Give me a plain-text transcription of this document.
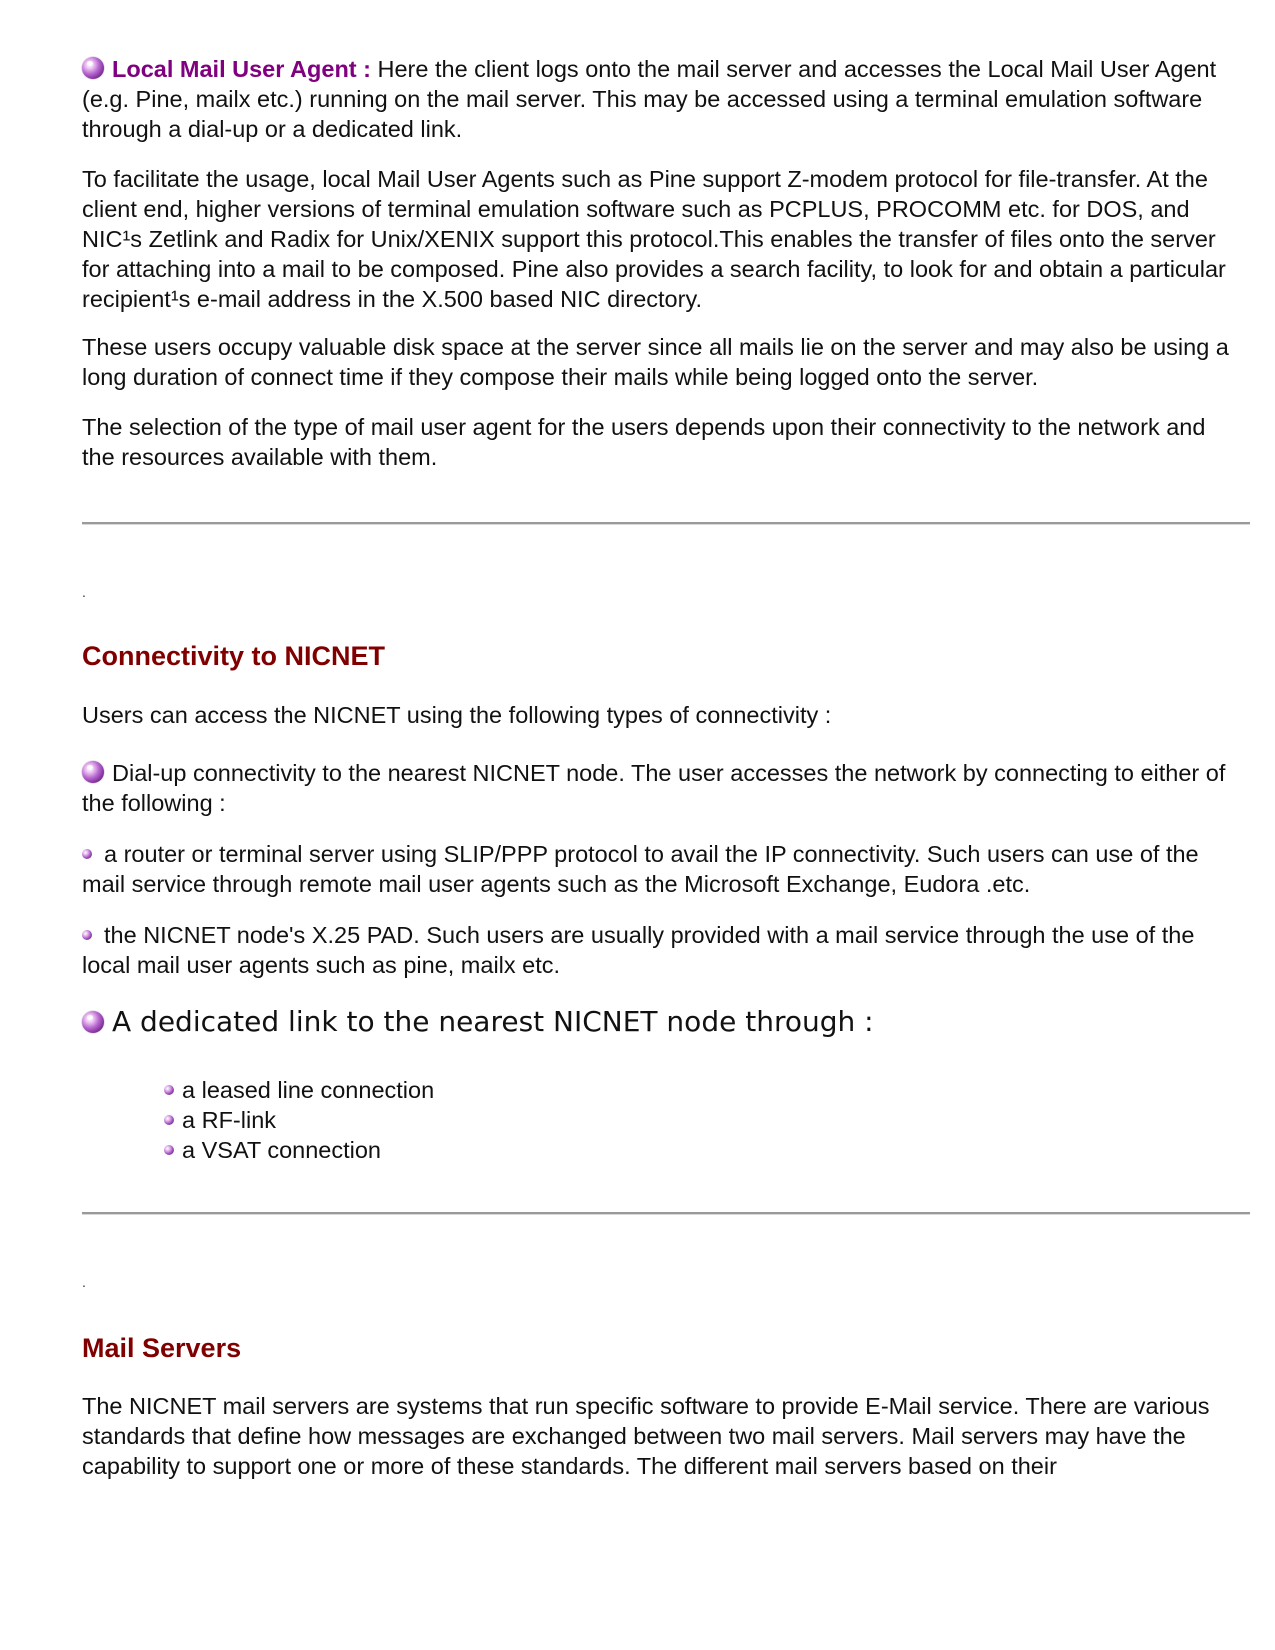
Local Mail User Agent : Here the client logs onto the mail server and accesses the Local Mail User Agent (e.g. Pine, mailx etc.) running on the mail server. This may be accessed using a terminal emulation software through a dial-up or a dedicated link.

To facilitate the usage, local Mail User Agents such as Pine support Z-modem protocol for file-transfer. At the client end, higher versions of terminal emulation software such as PCPLUS, PROCOMM etc. for DOS, and NIC¹s Zetlink and Radix for Unix/XENIX support this protocol.This enables the transfer of files onto the server for attaching into a mail to be composed. Pine also provides a search facility, to look for and obtain a particular recipient¹s e-mail address in the X.500 based NIC directory.

These users occupy valuable disk space at the server since all mails lie on the server and may also be using a long duration of connect time if they compose their mails while being logged onto the server.

The selection of the type of mail user agent for the users depends upon their connectivity to the network and the resources available with them.

.
Connectivity to NICNET

Users can access the NICNET using the following types of connectivity :

Dial-up connectivity to the nearest NICNET node. The user accesses the network by connecting to either of the following :

a router or terminal server using SLIP/PPP protocol to avail the IP connectivity. Such users can use of the mail service through remote mail user agents such as the Microsoft Exchange, Eudora .etc.

the NICNET node's X.25 PAD. Such users are usually provided with a mail service through the use of the local mail user agents such as pine, mailx etc.

A dedicated link to the nearest NICNET node through :
a leased line connection
a RF-link
a VSAT connection
.
Mail Servers

The NICNET mail servers are systems that run specific software to provide E-Mail service. There are various standards that define how messages are exchanged between two mail servers. Mail servers may have the capability to support one or more of these standards. The different mail servers based on their
